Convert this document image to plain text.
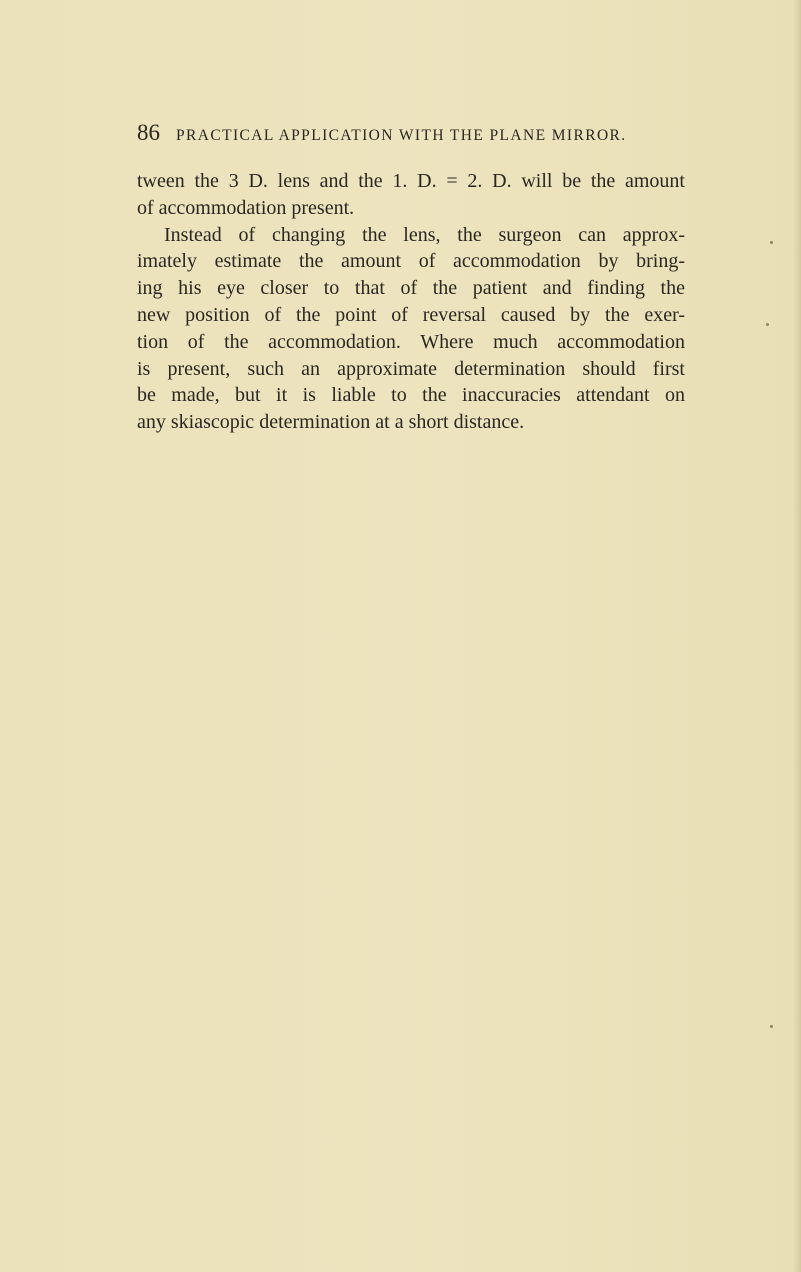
86 PRACTICAL APPLICATION WITH THE PLANE MIRROR.
tween the 3 D. lens and the 1. D. = 2. D. will be the amount
of accommodation present.
Instead of changing the lens, the surgeon can approx-
imately estimate the amount of accommodation by bring-
ing his eye closer to that of the patient and finding the
new position of the point of reversal caused by the exer-
tion of the accommodation. Where much accommodation
is present, such an approximate determination should first
be made, but it is liable to the inaccuracies attendant on
any skiascopic determination at a short distance.
